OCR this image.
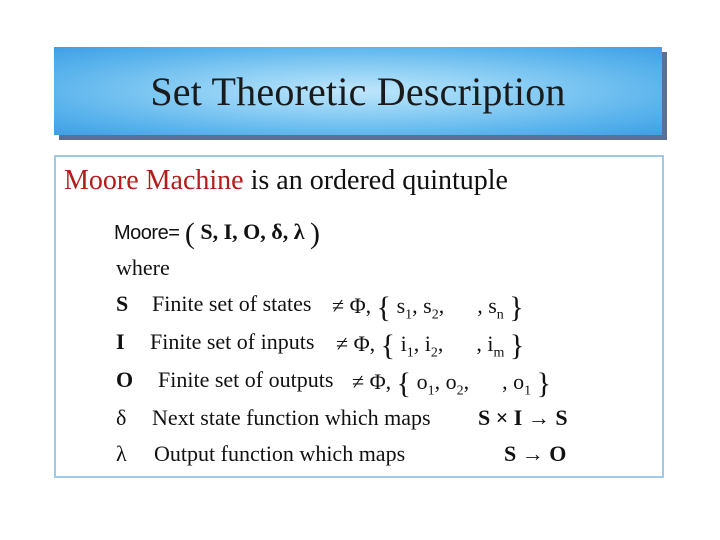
Set Theoretic Description
Moore Machine is an ordered quintuple
Moore= ( S, I, O, δ, λ )
where
S Finite set of states ≠ Φ, { $s_1$, $s_2$,  , $s_n$ }
I Finite set of inputs ≠ Φ, { $i_1$, $i_2$,  , $i_m$ }
O Finite set of outputs ≠ Φ, { $o_1$, $o_2$,  , $o_1$ }
δ Next state function which maps S × I → S
λ Output function which maps	S → O
